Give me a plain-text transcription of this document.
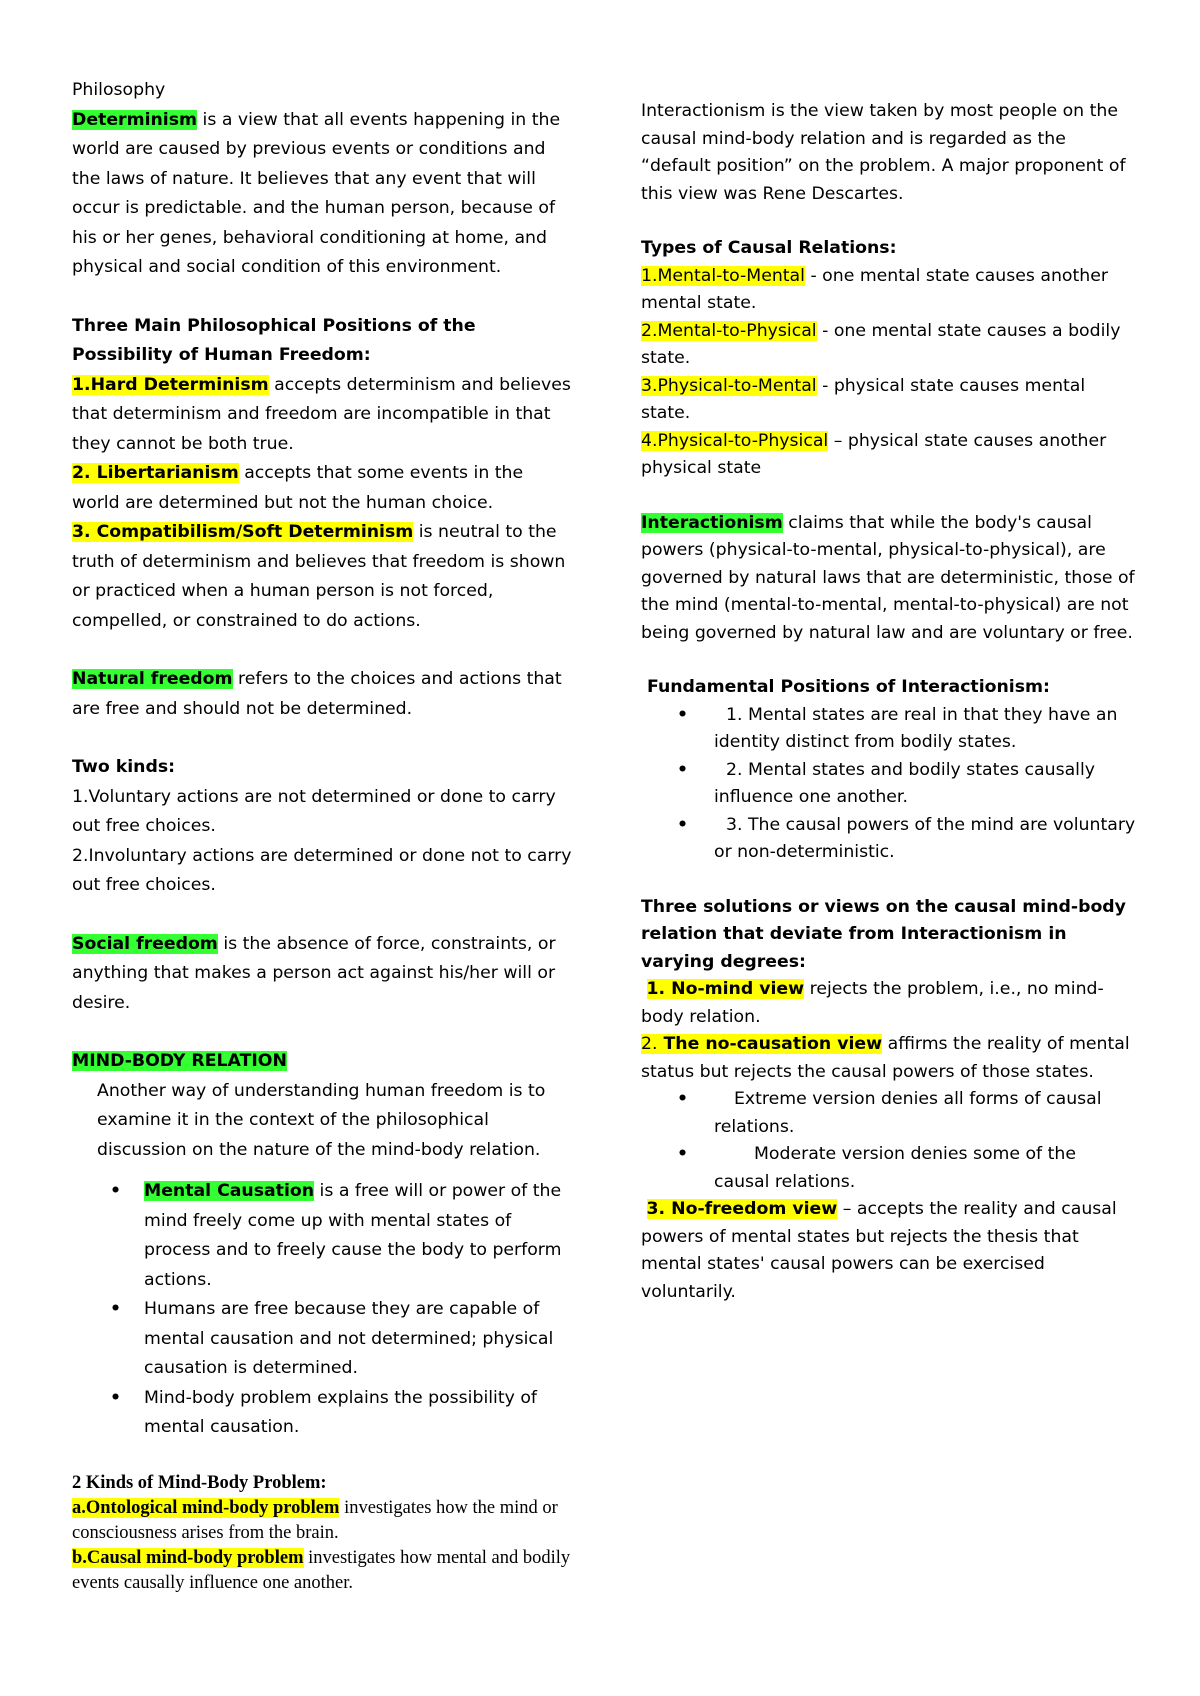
Philosophy

Determinism is a view that all events happening in the world are caused by previous events or conditions and the laws of nature. It believes that any event that will occur is predictable. and the human person, because of his or her genes, behavioral conditioning at home, and physical and social condition of this environment.

Three Main Philosophical Positions of the Possibility of Human Freedom:

1.Hard Determinism accepts determinism and believes that determinism and freedom are incompatible in that they cannot be both true.

2. Libertarianism accepts that some events in the world are determined but not the human choice.

3. Compatibilism/Soft Determinism is neutral to the truth of determinism and believes that freedom is shown or practiced when a human person is not forced, compelled, or constrained to do actions.

Natural freedom refers to the choices and actions that are free and should not be determined.

Two kinds:

1.Voluntary actions are not determined or done to carry out free choices.

2.Involuntary actions are determined or done not to carry out free choices.

Social freedom is the absence of force, constraints, or anything that makes a person act against his/her will or desire.

MIND-BODY RELATION

Another way of understanding human freedom is to examine it in the context of the philosophical discussion on the nature of the mind-body relation.

• Mental Causation is a free will or power of the mind freely come up with mental states of process and to freely cause the body to perform actions.
• Humans are free because they are capable of mental causation and not determined; physical causation is determined.
• Mind-body problem explains the possibility of mental causation.

2 Kinds of Mind-Body Problem:

a.Ontological mind-body problem investigates how the mind or consciousness arises from the brain.

b.Causal mind-body problem investigates how mental and bodily events causally influence one another.

Interactionism is the view taken by most people on the causal mind-body relation and is regarded as the “default position” on the problem. A major proponent of this view was Rene Descartes.

Types of Causal Relations:

1.Mental-to-Mental - one mental state causes another mental state.

2.Mental-to-Physical - one mental state causes a bodily state.

3.Physical-to-Mental - physical state causes mental state.

4.Physical-to-Physical – physical state causes another physical state

Interactionism claims that while the body's causal powers (physical-to-mental, physical-to-physical), are governed by natural laws that are deterministic, those of the mind (mental-to-mental, mental-to-physical) are not being governed by natural law and are voluntary or free.

Fundamental Positions of Interactionism:

• 1. Mental states are real in that they have an identity distinct from bodily states.
• 2. Mental states and bodily states causally influence one another.
• 3. The causal powers of the mind are voluntary or non-deterministic.

Three solutions or views on the causal mind-body relation that deviate from Interactionism in varying degrees:

1. No-mind view rejects the problem, i.e., no mind-body relation.

2. The no-causation view affirms the reality of mental status but rejects the causal powers of those states.

• Extreme version denies all forms of causal relations.
• Moderate version denies some of the causal relations.

3. No-freedom view – accepts the reality and causal powers of mental states but rejects the thesis that mental states' causal powers can be exercised voluntarily.
